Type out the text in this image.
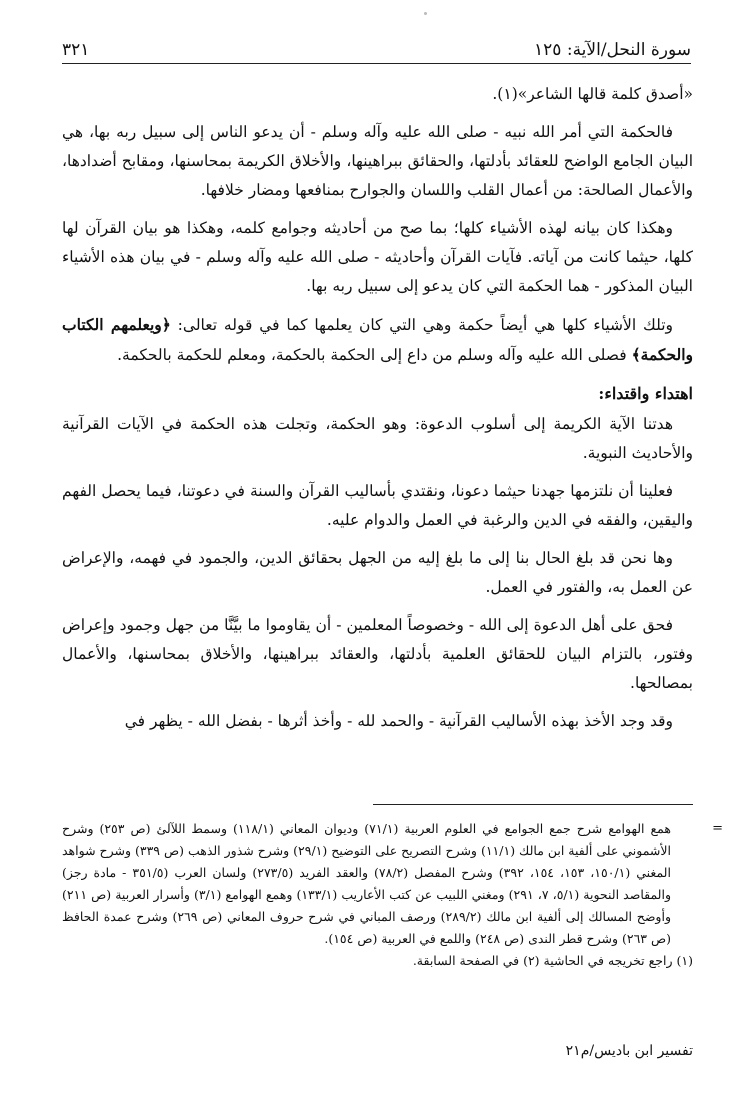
سورة النحل/الآية: ١٢٥
٣٢١

«أصدق كلمة قالها الشاعر»(١).

فالحكمة التي أمر الله نبيه - صلى الله عليه وآله وسلم - أن يدعو الناس إلى سبيل ربه بها، هي البيان الجامع الواضح للعقائد بأدلتها، والحقائق ببراهينها، والأخلاق الكريمة بمحاسنها، ومقابح أضدادها، والأعمال الصالحة: من أعمال القلب واللسان والجوارح بمنافعها ومضار خلافها.

وهكذا كان بيانه لهذه الأشياء كلها؛ بما صح من أحاديثه وجوامع كلمه، وهكذا هو بيان القرآن لها كلها، حيثما كانت من آياته. فآيات القرآن وأحاديثه - صلى الله عليه وآله وسلم - في بيان هذه الأشياء البيان المذكور - هما الحكمة التي كان يدعو إلى سبيل ربه بها.

وتلك الأشياء كلها هي أيضاً حكمة وهي التي كان يعلمها كما في قوله تعالى: ﴿ويعلمهم الكتاب والحكمة﴾ فصلى الله عليه وآله وسلم من داع إلى الحكمة بالحكمة، ومعلم للحكمة بالحكمة.

اهتداء واقتداء:

هدتنا الآية الكريمة إلى أسلوب الدعوة: وهو الحكمة، وتجلت هذه الحكمة في الآيات القرآنية والأحاديث النبوية.

فعلينا أن نلتزمها جهدنا حيثما دعونا، ونقتدي بأساليب القرآن والسنة في دعوتنا، فيما يحصل الفهم واليقين، والفقه في الدين والرغبة في العمل والدوام عليه.

وها نحن قد بلغ الحال بنا إلى ما بلغ إليه من الجهل بحقائق الدين، والجمود في فهمه، والإعراض عن العمل به، والفتور في العمل.

فحق على أهل الدعوة إلى الله - وخصوصاً المعلمين - أن يقاوموا ما بيَّنَّا من جهل وجمود وإعراض وفتور، بالتزام البيان للحقائق العلمية بأدلتها، والعقائد ببراهينها، والأخلاق بمحاسنها، والأعمال بمصالحها.

وقد وجد الأخذ بهذه الأساليب القرآنية - والحمد لله - وأخذ أثرها - بفضل الله - يظهر في

=
همع الهوامع شرح جمع الجوامع في العلوم العربية (٧١/١) وديوان المعاني (١١٨/١) وسمط اللآلئ (ص ٢٥٣) وشرح الأشموني على ألفية ابن مالك (١١/١) وشرح التصريح على التوضيح (٢٩/١) وشرح شذور الذهب (ص ٣٣٩) وشرح شواهد المغني (١٥٠/١، ١٥٣، ١٥٤، ٣٩٢) وشرح المفصل (٧٨/٢) والعقد الفريد (٢٧٣/٥) ولسان العرب (٣٥١/٥ - مادة رجز) والمقاصد النحوية (٥/١، ٧، ٢٩١) ومغني اللبيب عن كتب الأعاريب (١٣٣/١) وهمع الهوامع (٣/١) وأسرار العربية (ص ٢١١) وأوضح المسالك إلى ألفية ابن مالك (٢٨٩/٢) ورصف المباني في شرح حروف المعاني (ص ٢٦٩) وشرح عمدة الحافظ (ص ٢٦٣) وشرح قطر الندى (ص ٢٤٨) واللمع في العربية (ص ١٥٤).

(١) راجع تخريجه في الحاشية (٢) في الصفحة السابقة.

تفسير ابن باديس/م٢١
